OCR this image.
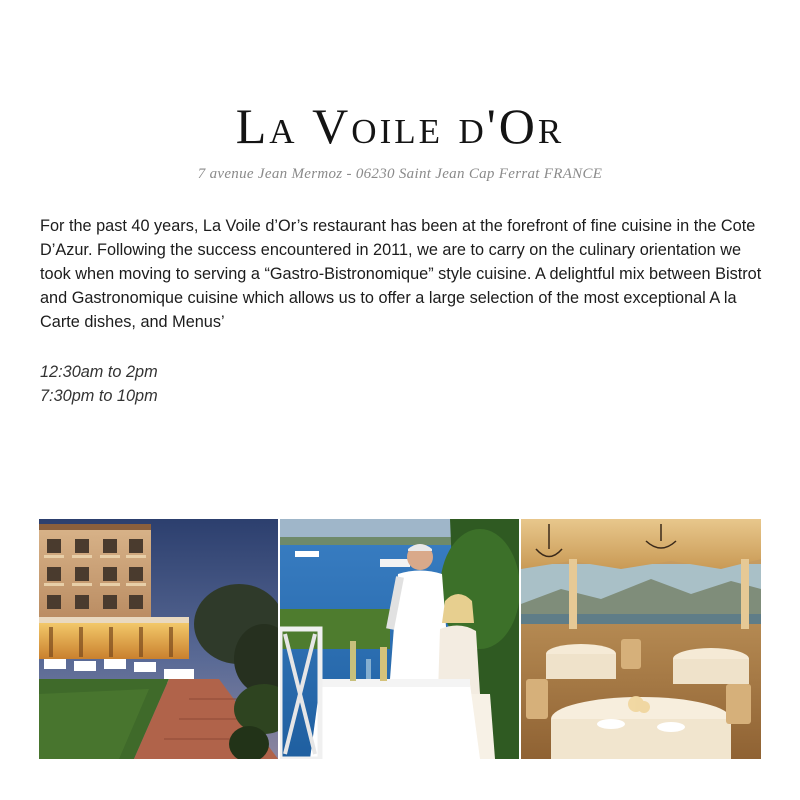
La Voile d'Or
7 avenue Jean Mermoz - 06230 Saint Jean Cap Ferrat FRANCE

For the past 40 years, La Voile d’Or’s restaurant has been at the forefront of fine cuisine in the Cote D’Azur. Following the success encountered in 2011, we are to carry on the culinary orientation we took when moving to serving a “Gastro-Bistronomique” style cuisine. A delightful mix between Bistrot and Gastronomique cuisine which allows us to offer a large selection of the most exceptional A la Carte dishes, and Menus’

12:30am to 2pm
7:30pm to 10pm
